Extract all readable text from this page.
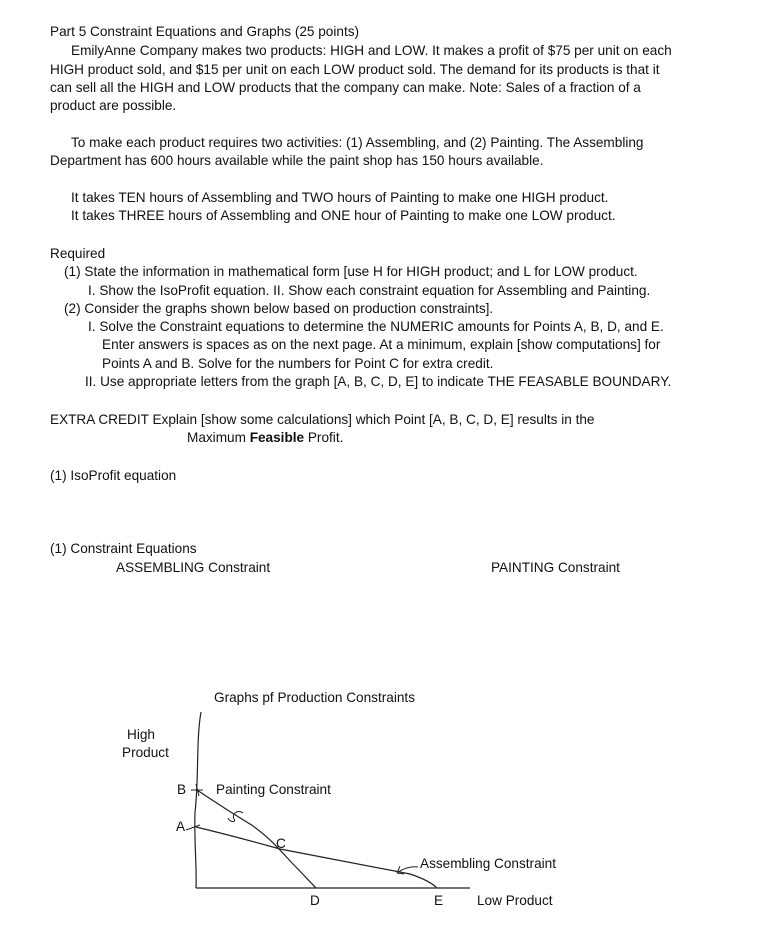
Part 5 Constraint Equations and Graphs (25 points)
EmilyAnne Company makes two products: HIGH and LOW. It makes a profit of $75 per unit on each
HIGH product sold, and $15 per unit on each LOW product sold. The demand for its products is that it
can sell all the HIGH and LOW products that the company can make. Note: Sales of a fraction of a
product are possible.
To make each product requires two activities: (1) Assembling, and (2) Painting. The Assembling
Department has 600 hours available while the paint shop has 150 hours available.
It takes TEN hours of Assembling and TWO hours of Painting to make one HIGH product.
It takes THREE hours of Assembling and ONE hour of Painting to make one LOW product.
Required
(1) State the information in mathematical form [use H for HIGH product; and L for LOW product.
I. Show the IsoProfit equation. II. Show each constraint equation for Assembling and Painting.
(2) Consider the graphs shown below based on production constraints].
I. Solve the Constraint equations to determine the NUMERIC amounts for Points A, B, D, and E.
Enter answers is spaces as on the next page. At a minimum, explain [show computations] for
Points A and B. Solve for the numbers for Point C for extra credit.
II. Use appropriate letters from the graph [A, B, C, D, E] to indicate THE FEASABLE BOUNDARY.
EXTRA CREDIT Explain [show some calculations] which Point [A, B, C, D, E] results in the
Maximum Feasible Profit.
(1) IsoProfit equation
(1) Constraint Equations
ASSEMBLING Constraint	PAINTING Constraint
Graphs pf Production Constraints
High
Product
B
A
C
D	E
Painting Constraint
Assembling Constraint
Low Product
